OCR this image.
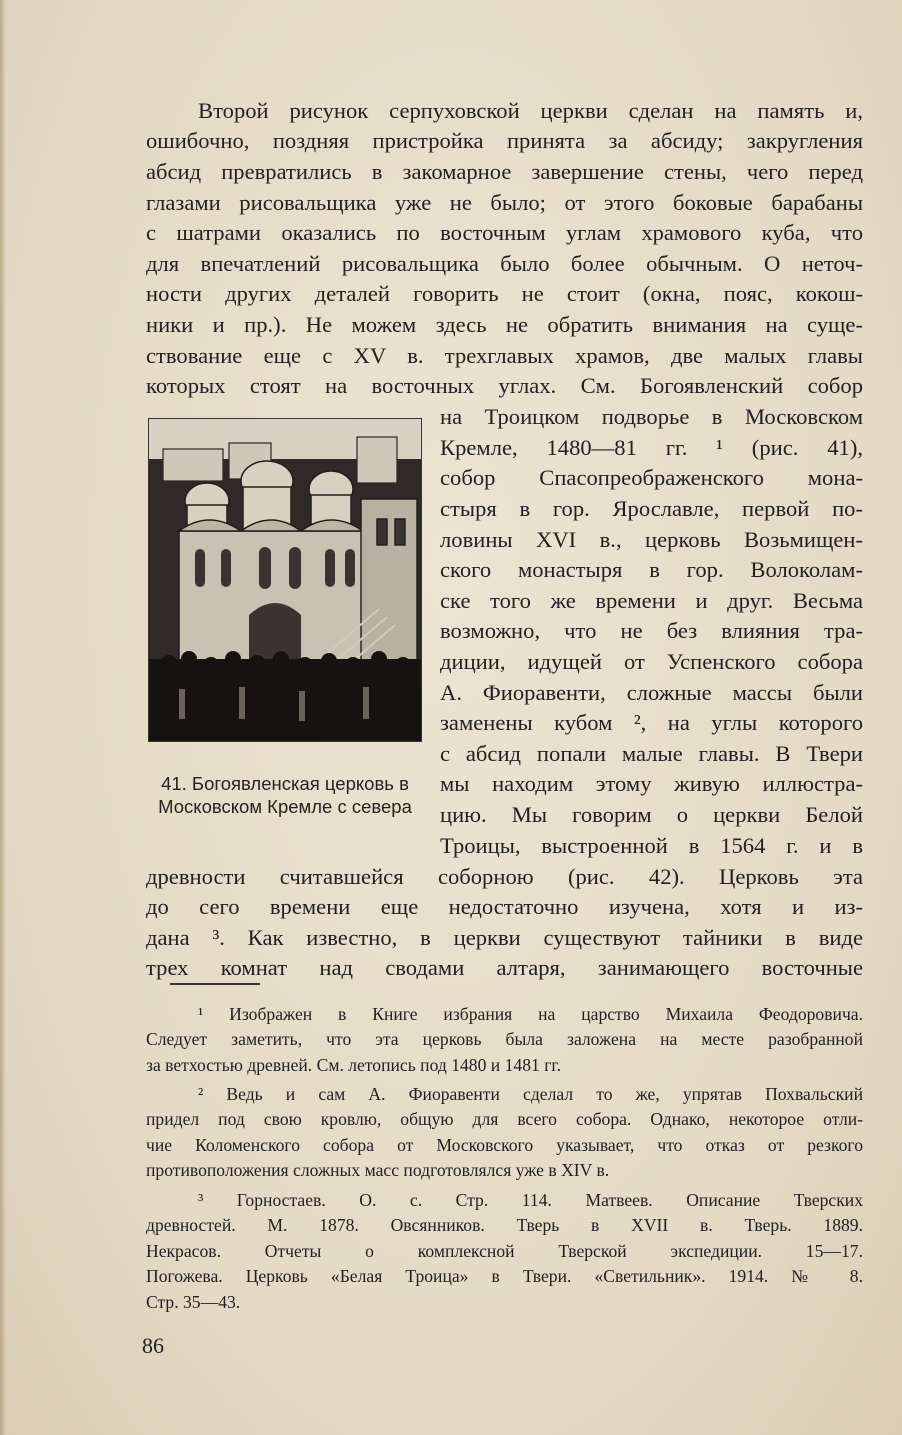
Второй рисунок серпуховской церкви сделан на память и,
ошибочно, поздняя пристройка принята за абсиду; закругления
абсид превратились в закомарное завершение стены, чего перед
глазами рисовальщика уже не было; от этого боковые барабаны
с шатрами оказались по восточным углам храмового куба, что
для впечатлений рисовальщика было более обычным. О неточ-
ности других деталей говорить не стоит (окна, пояс, кокош-
ники и пр.). Не можем здесь не обратить внимания на суще-
ствование еще с XV в. трехглавых храмов, две малых главы
которых стоят на восточных углах. См. Богоявленский собор
на Троицком подворье в Московском
Кремле, 1480—81 гг. ¹ (рис. 41),
собор Спасопреображенского мона-
стыря в гор. Ярославле, первой по-
ловины XVI в., церковь Возьмищен-
ского монастыря в гор. Волоколам-
ске того же времени и друг. Весьма
возможно, что не без влияния тра-
диции, идущей от Успенского собора
А. Фиоравенти, сложные массы были
заменены кубом ², на углы которого
с абсид попали малые главы. В Твери
мы находим этому живую иллюстра-
цию. Мы говорим о церкви Белой
Троицы, выстроенной в 1564 г. и в
41. Богоявленская церковь в
Московском Кремле с севера
древности считавшейся соборною (рис. 42). Церковь эта
до сего времени еще недостаточно изучена, хотя и из-
дана ³. Как известно, в церкви существуют тайники в виде
трех комнат над сводами алтаря, занимающего восточные
¹ Изображен в Книге избрания на царство Михаила Феодоровича.
Следует заметить, что эта церковь была заложена на месте разобранной
за ветхостью древней. См. летопись под 1480 и 1481 гг.
² Ведь и сам А. Фиоравенти сделал то же, упрятав Похвальский
придел под свою кровлю, общую для всего собора. Однако, некоторое отли-
чие Коломенского собора от Московского указывает, что отказ от резкого
противоположения сложных масс подготовлялся уже в XIV в.
³ Горностаев. О. с. Стр. 114. Матвеев. Описание Тверских
древностей. М. 1878. Овсянников. Тверь в XVII в. Тверь. 1889.
Некрасов. Отчеты о комплексной Тверской экспедиции. 15—17.
Погожева. Церковь «Белая Троица» в Твери. «Светильник». 1914. № 8.
Стр. 35—43.
86
